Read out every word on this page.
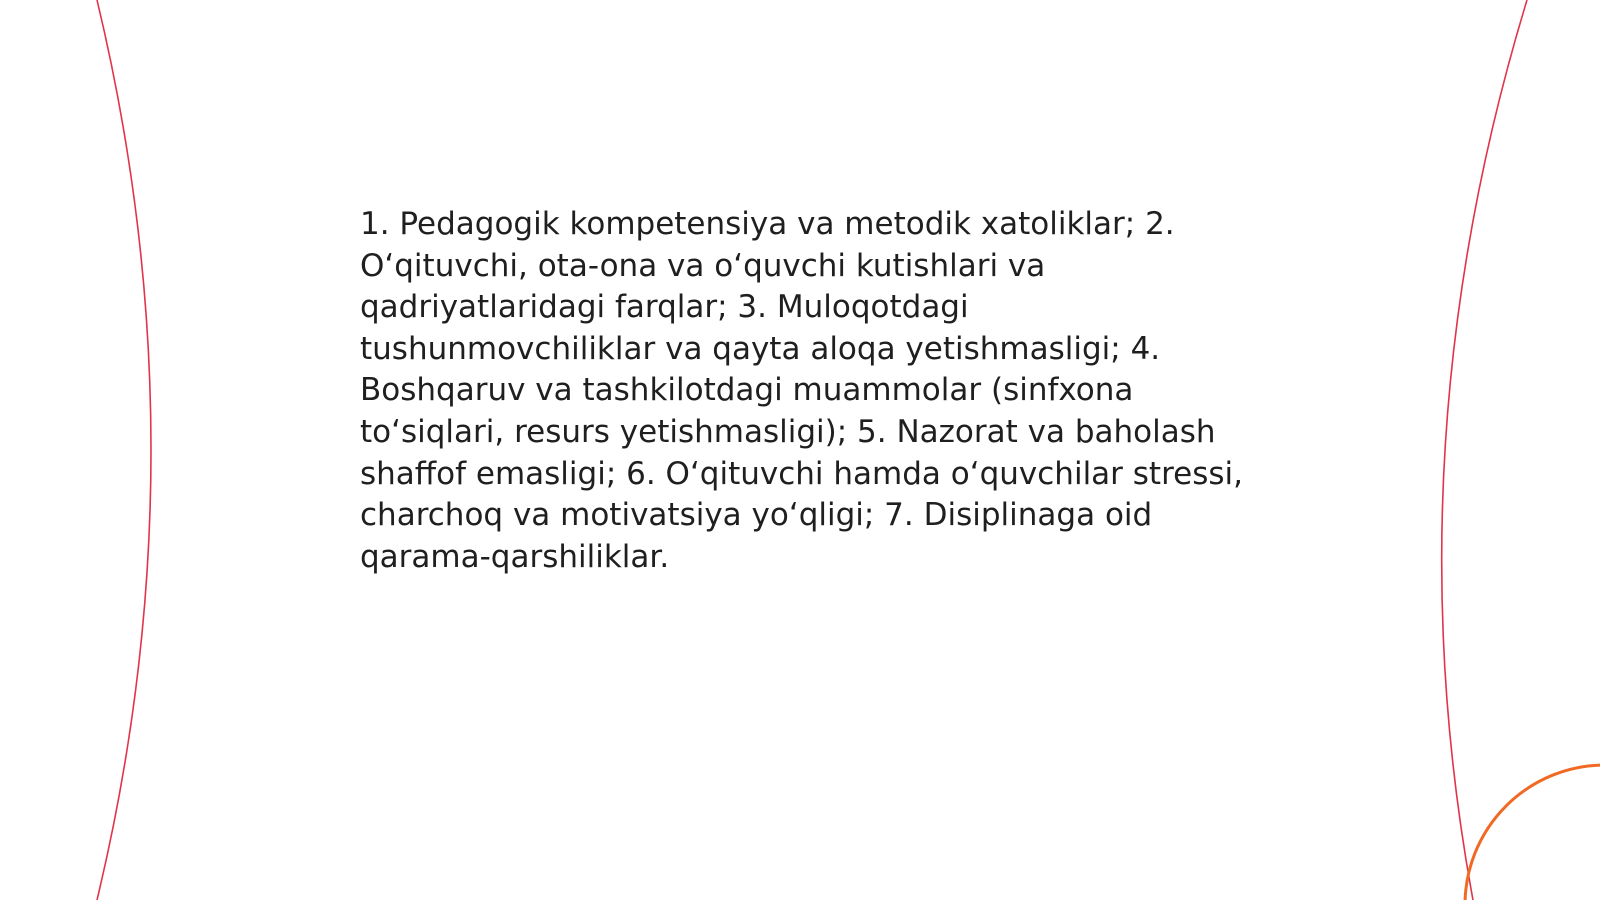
1. Pedagogik kompetensiya va metodik xatoliklar; 2. O‘qituvchi, ota-ona va o‘quvchi kutishlari va qadriyatlaridagi farqlar; 3. Muloqotdagi tushunmovchiliklar va qayta aloqa yetishmasligi; 4. Boshqaruv va tashkilotdagi muammolar (sinfxona to‘siqlari, resurs yetishmasligi); 5. Nazorat va baholash shaffof emasligi; 6. O‘qituvchi hamda o‘quvchilar stressi, charchoq va motivatsiya yo‘qligi; 7. Disiplinaga oid qarama-qarshiliklar.
